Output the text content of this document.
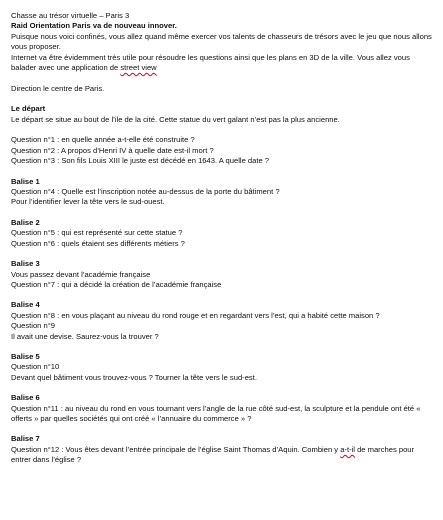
Chasse au trésor virtuelle – Paris 3

Raid Orientation Paris va de nouveau innover.

Puisque nous voici confinés, vous allez quand même exercer vos talents de chasseurs de trésors avec le jeu que nous allons vous proposer.

Internet va être évidemment très utile pour résoudre les questions ainsi que les plans en 3D de la ville. Vous allez vous balader avec une application de street view

Direction le centre de Paris.

Le départ

Le départ se situe au bout de l’ile de la cité. Cette statue du vert galant n’est pas la plus ancienne.

Question n°1 : en quelle année a-t-elle été construite ?

Question n°2 : A propos d’Henri IV à quelle date est-il mort ?

Question n°3 : Son fils Louis XIII le juste est décédé en 1643. A quelle date ?

Balise 1

Question n°4 : Quelle est l’inscription notée au-dessus de la porte du bâtiment ?

Pour l’identifier lever la tête vers le sud-ouest.

Balise 2

Question n°5 : qui est représenté sur cette statue ?

Question n°6 : quels étaient ses différents métiers ?

Balise 3

Vous passez devant l’académie française

Question n°7 : qui a décidé la création de l’académie française

Balise 4

Question n°8 : en vous plaçant au niveau du rond rouge et en regardant vers l’est, qui a habité cette maison ?

Question n°9

Il avait une devise. Saurez-vous la trouver ?

Balise 5

Question n°10

Devant quel bâtiment vous trouvez-vous ? Tourner la tête vers le sud-est.

Balise 6

Question n°11 : au niveau du rond en vous tournant vers l’angle de la rue côté sud-est, la sculpture et la pendule ont été « offerts » par quelles sociétés qui ont créé « l’annuaire du commerce » ?

Balise 7

Question n°12 : Vous êtes devant l’entrée principale de l’église Saint Thomas d’Aquin. Combien y a-t-il de marches pour entrer dans l’église ?
